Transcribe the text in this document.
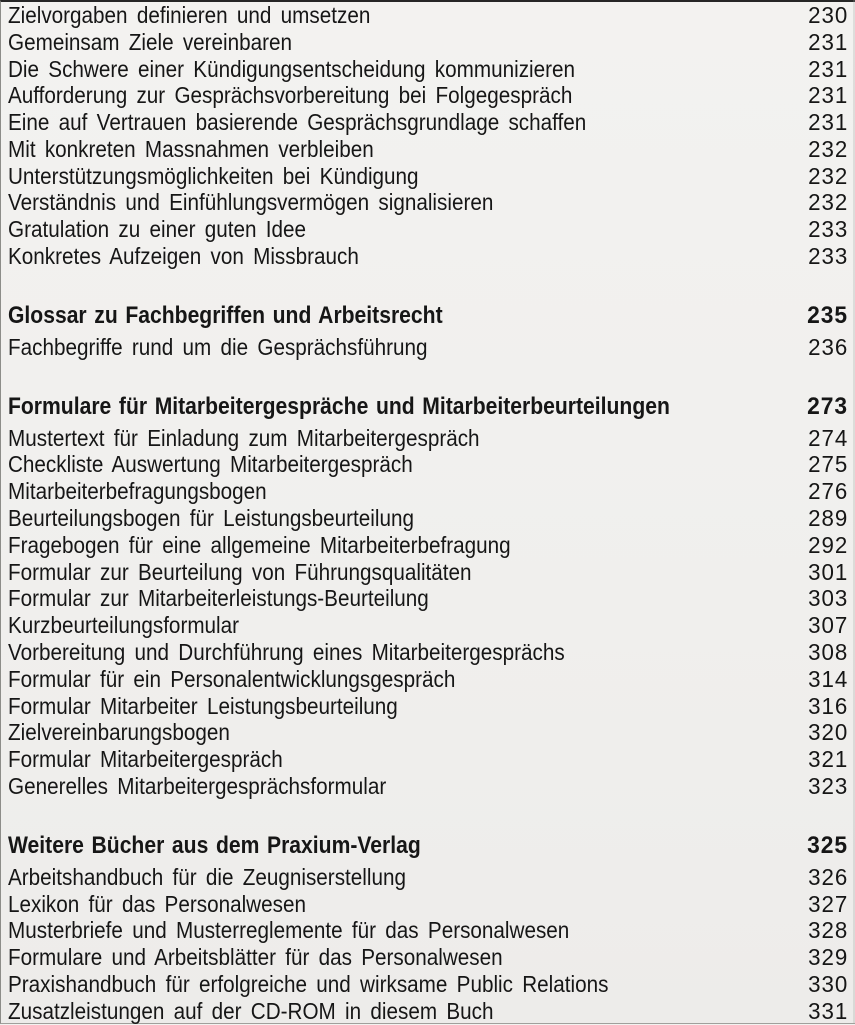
Zielvorgaben definieren und umsetzen	230
Gemeinsam Ziele vereinbaren	231
Die Schwere einer Kündigungsentscheidung kommunizieren	231
Aufforderung zur Gesprächsvorbereitung bei Folgegespräch	231
Eine auf Vertrauen basierende Gesprächsgrundlage schaffen	231
Mit konkreten Massnahmen verbleiben	232
Unterstützungsmöglichkeiten bei Kündigung	232
Verständnis und Einfühlungsvermögen signalisieren	232
Gratulation zu einer guten Idee	233
Konkretes Aufzeigen von Missbrauch	233
Glossar zu Fachbegriffen und Arbeitsrecht	235
Fachbegriffe rund um die Gesprächsführung	236
Formulare für Mitarbeitergespräche und Mitarbeiterbeurteilungen	273
Mustertext für Einladung zum Mitarbeitergespräch	274
Checkliste Auswertung Mitarbeitergespräch	275
Mitarbeiterbefragungsbogen	276
Beurteilungsbogen für Leistungsbeurteilung	289
Fragebogen für eine allgemeine Mitarbeiterbefragung	292
Formular zur Beurteilung von Führungsqualitäten	301
Formular zur Mitarbeiterleistungs-Beurteilung	303
Kurzbeurteilungsformular	307
Vorbereitung und Durchführung eines Mitarbeitergesprächs	308
Formular für ein Personalentwicklungsgespräch	314
Formular Mitarbeiter Leistungsbeurteilung	316
Zielvereinbarungsbogen	320
Formular Mitarbeitergespräch	321
Generelles Mitarbeitergesprächsformular	323
Weitere Bücher aus dem Praxium-Verlag	325
Arbeitshandbuch für die Zeugniserstellung	326
Lexikon für das Personalwesen	327
Musterbriefe und Musterreglemente für das Personalwesen	328
Formulare und Arbeitsblätter für das Personalwesen	329
Praxishandbuch für erfolgreiche und wirksame Public Relations	330
Zusatzleistungen auf der CD-ROM in diesem Buch	331
